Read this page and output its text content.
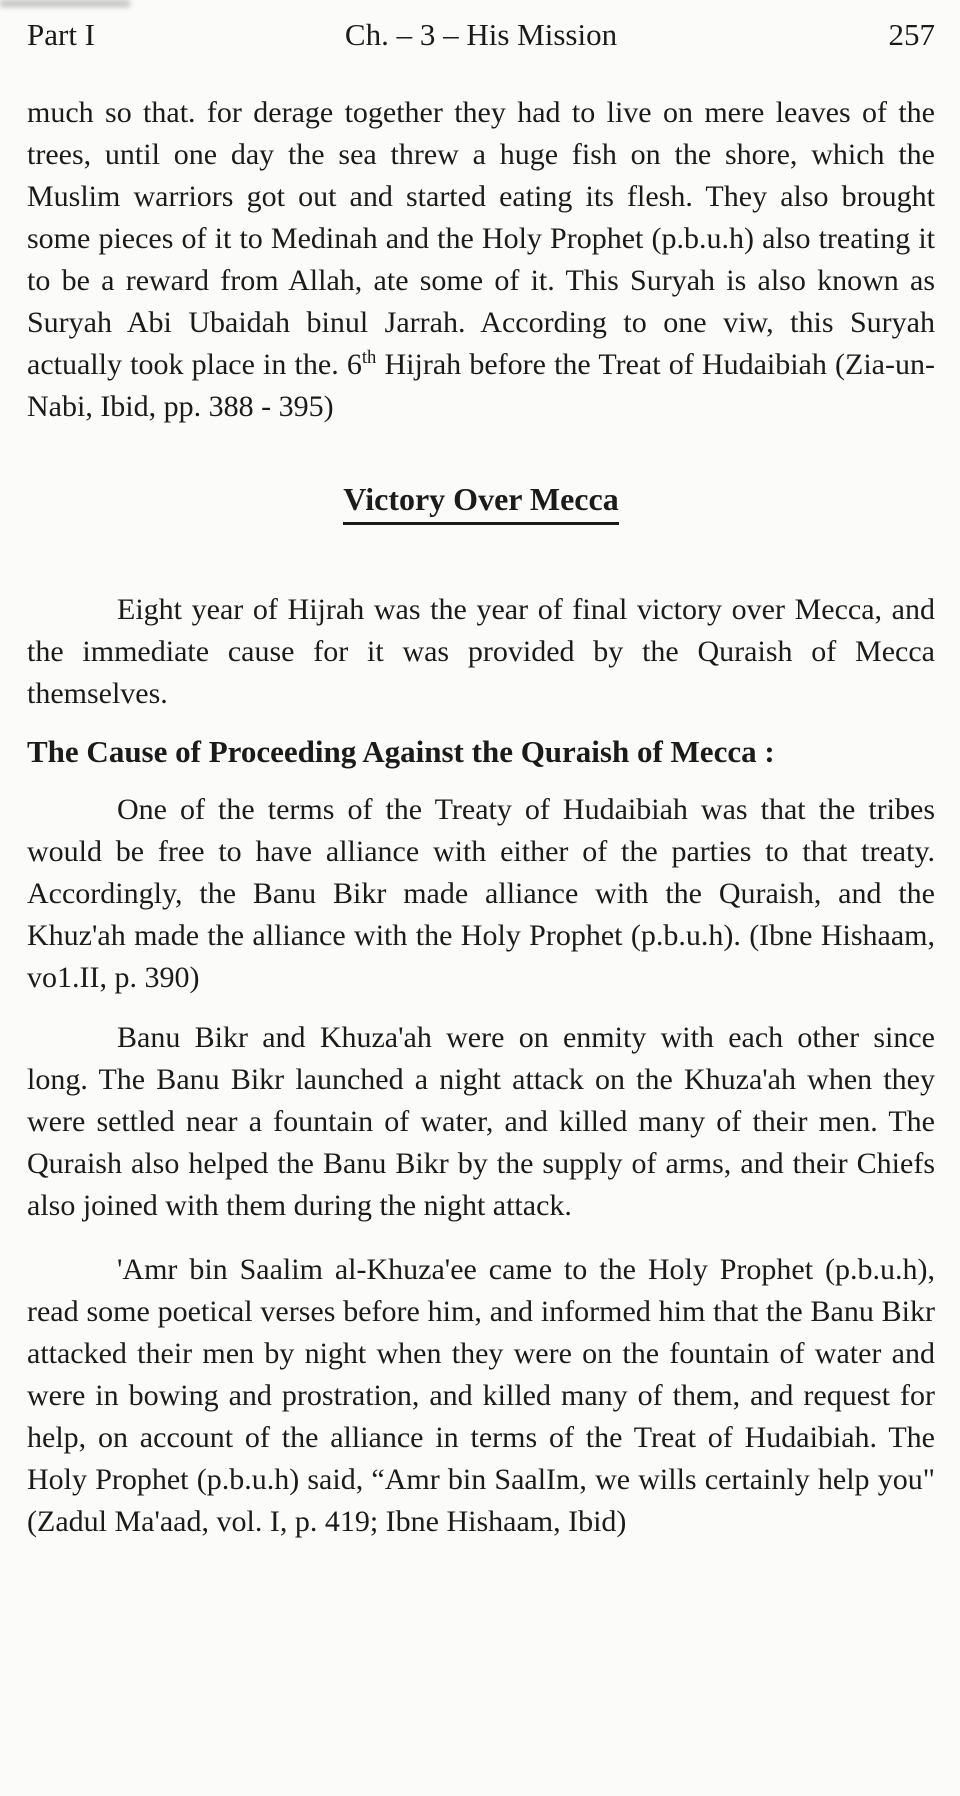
Part I	Ch. – 3 – His Mission	257

much so that. for derage together they had to live on mere leaves of the trees, until one day the sea threw a huge fish on the shore, which the Muslim warriors got out and started eating its flesh. They also brought some pieces of it to Medinah and the Holy Prophet (p.b.u.h) also treating it to be a reward from Allah, ate some of it. This Suryah is also known as Suryah Abi Ubaidah binul Jarrah. According to one viw, this Suryah actually took place in the. 6th Hijrah before the Treat of Hudaibiah (Zia-un-Nabi, Ibid, pp. 388 - 395)

Victory Over Mecca

Eight year of Hijrah was the year of final victory over Mecca, and the immediate cause for it was provided by the Quraish of Mecca themselves.

The Cause of Proceeding Against the Quraish of Mecca :

One of the terms of the Treaty of Hudaibiah was that the tribes would be free to have alliance with either of the parties to that treaty. Accordingly, the Banu Bikr made alliance with the Quraish, and the Khuz'ah made the alliance with the Holy Prophet (p.b.u.h). (Ibne Hishaam, vo1.II, p. 390)

Banu Bikr and Khuza'ah were on enmity with each other since long. The Banu Bikr launched a night attack on the Khuza'ah when they were settled near a fountain of water, and killed many of their men. The Quraish also helped the Banu Bikr by the supply of arms, and their Chiefs also joined with them during the night attack.

'Amr bin Saalim al-Khuza'ee came to the Holy Prophet (p.b.u.h), read some poetical verses before him, and informed him that the Banu Bikr attacked their men by night when they were on the fountain of water and were in bowing and prostration, and killed many of them, and request for help, on account of the alliance in terms of the Treat of Hudaibiah. The Holy Prophet (p.b.u.h) said, “Amr bin SaalIm, we wills certainly help you" (Zadul Ma'aad, vol. I, p. 419; Ibne Hishaam, Ibid)
